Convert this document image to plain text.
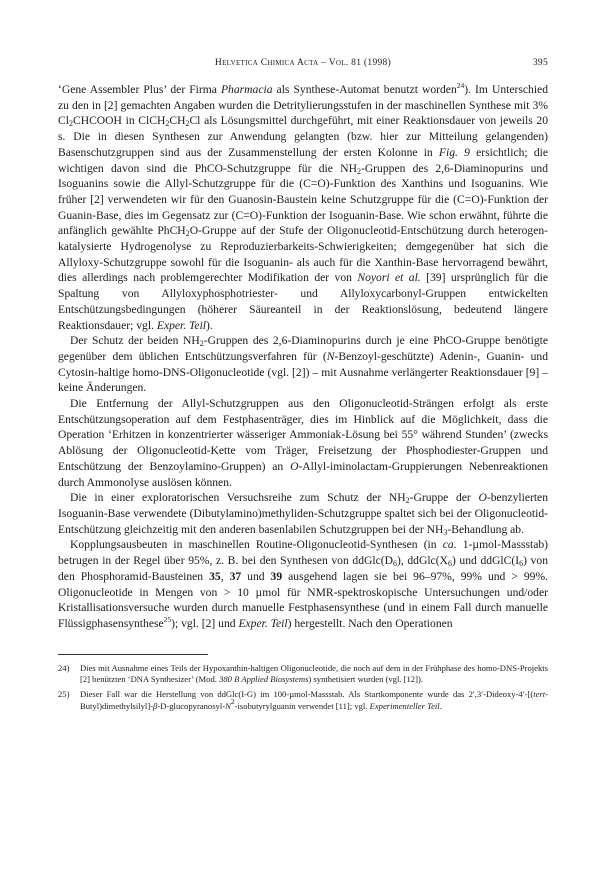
Helvetica Chimica Acta – Vol. 81 (1998)	395

‘Gene Assembler Plus’ der Firma Pharmacia als Synthese-Automat benutzt worden$^{24}$). Im Unterschied zu den in [2] gemachten Angaben wurden die Detritylierungsstufen in der maschinellen Synthese mit 3% $Cl_2CHCOOH$ in $ClCH_2CH_2Cl$ als Lösungsmittel durchgeführt, mit einer Reaktionsdauer von jeweils 20 s. Die in diesen Synthesen zur Anwendung gelangten (bzw. hier zur Mitteilung gelangenden) Basenschutzgruppen sind aus der Zusammenstellung der ersten Kolonne in Fig. 9 ersichtlich; die wichtigen davon sind die PhCO-Schutzgruppe für die $NH_2$-Gruppen des 2,6-Diaminopurins und Isoguanins sowie die Allyl-Schutzgruppe für die (C=O)-Funktion des Xanthins und Isoguanins. Wie früher [2] verwendeten wir für den Guanosin-Baustein keine Schutzgruppe für die (C=O)-Funktion der Guanin-Base, dies im Gegensatz zur (C=O)-Funktion der Isoguanin-Base. Wie schon erwähnt, führte die anfänglich gewählte PhCH$_2$O-Gruppe auf der Stufe der Oligonucleotid-Entschützung durch heterogen-katalysierte Hydrogenolyse zu Reproduzierbarkeits-Schwierigkeiten; demgegenüber hat sich die Allyloxy-Schutzgruppe sowohl für die Isoguanin- als auch für die Xanthin-Base hervorragend bewährt, dies allerdings nach problemgerechter Modifikation der von Noyori et al. [39] ursprünglich für die Spaltung von Allyloxyphosphotriester- und Allyloxycarbonyl-Gruppen entwickelten Entschützungsbedingungen (höherer Säureanteil in der Reaktionslösung, bedeutend längere Reaktionsdauer; vgl. Exper. Teil).

Der Schutz der beiden $NH_2$-Gruppen des 2,6-Diaminopurins durch je eine PhCO-Gruppe benötigte gegenüber dem üblichen Entschützungsverfahren für (N-Benzoyl-geschützte) Adenin-, Guanin- und Cytosin-haltige homo-DNS-Oligonucleotide (vgl. [2]) – mit Ausnahme verlängerter Reaktionsdauer [9] – keine Änderungen.

Die Entfernung der Allyl-Schutzgruppen aus den Oligonucleotid-Strängen erfolgt als erste Entschützungsoperation auf dem Festphasenträger, dies im Hinblick auf die Möglichkeit, dass die Operation ‘Erhitzen in konzentrierter wässeriger Ammoniak-Lösung bei 55° während Stunden’ (zwecks Ablösung der Oligonucleotid-Kette vom Träger, Freisetzung der Phosphodiester-Gruppen und Entschützung der Benzoylamino-Gruppen) an O-Allyl-iminolactam-Gruppierungen Nebenreaktionen durch Ammonolyse auslösen können.

Die in einer exploratorischen Versuchsreihe zum Schutz der $NH_2$-Gruppe der O-benzylierten Isoguanin-Base verwendete (Dibutylamino)methyliden-Schutzgruppe spaltet sich bei der Oligonucleotid-Entschützung gleichzeitig mit den anderen basenlabilen Schutzgruppen bei der $NH_3$-Behandlung ab.

Kopplungsausbeuten in maschinellen Routine-Oligonucleotid-Synthesen (in ca. 1-µmol-Massstab) betrugen in der Regel über 95%, z. B. bei den Synthesen von $ddGlc(D_6)$, $ddGlc(X_6)$ und $ddGlC(I_6)$ von den Phosphoramid-Bausteinen 35, 37 und 39 ausgehend lagen sie bei 96–97%, 99% und > 99%. Oligonucleotide in Mengen von > 10 µmol für NMR-spektroskopische Untersuchungen und/oder Kristallisationsversuche wurden durch manuelle Festphasensynthese (und in einem Fall durch manuelle Flüssigphasensynthese$^{25}$); vgl. [2] und Exper. Teil) hergestellt. Nach den Operationen

24) Dies mit Ausnahme eines Teils der Hypoxanthin-haltigen Oligonucleotide, die noch auf dem in der Frühphase des homo-DNS-Projekts [2] benützten ‘DNA Synthesizer’ (Mod. 380 B Applied Biosystems) synthetisiert wurden (vgl. [12]).
25) Dieser Fall war die Herstellung von ddGlc(I-G) im 100-µmol-Massstab. Als Startkomponente wurde das $2',3'-Dideoxy-4'-[(tert-Butyl)dimethylsilyl]-\beta-D-glucopyranosyl-N^2$-isobutyrylguanin verwendet [11]; vgl. Experimenteller Teil.
